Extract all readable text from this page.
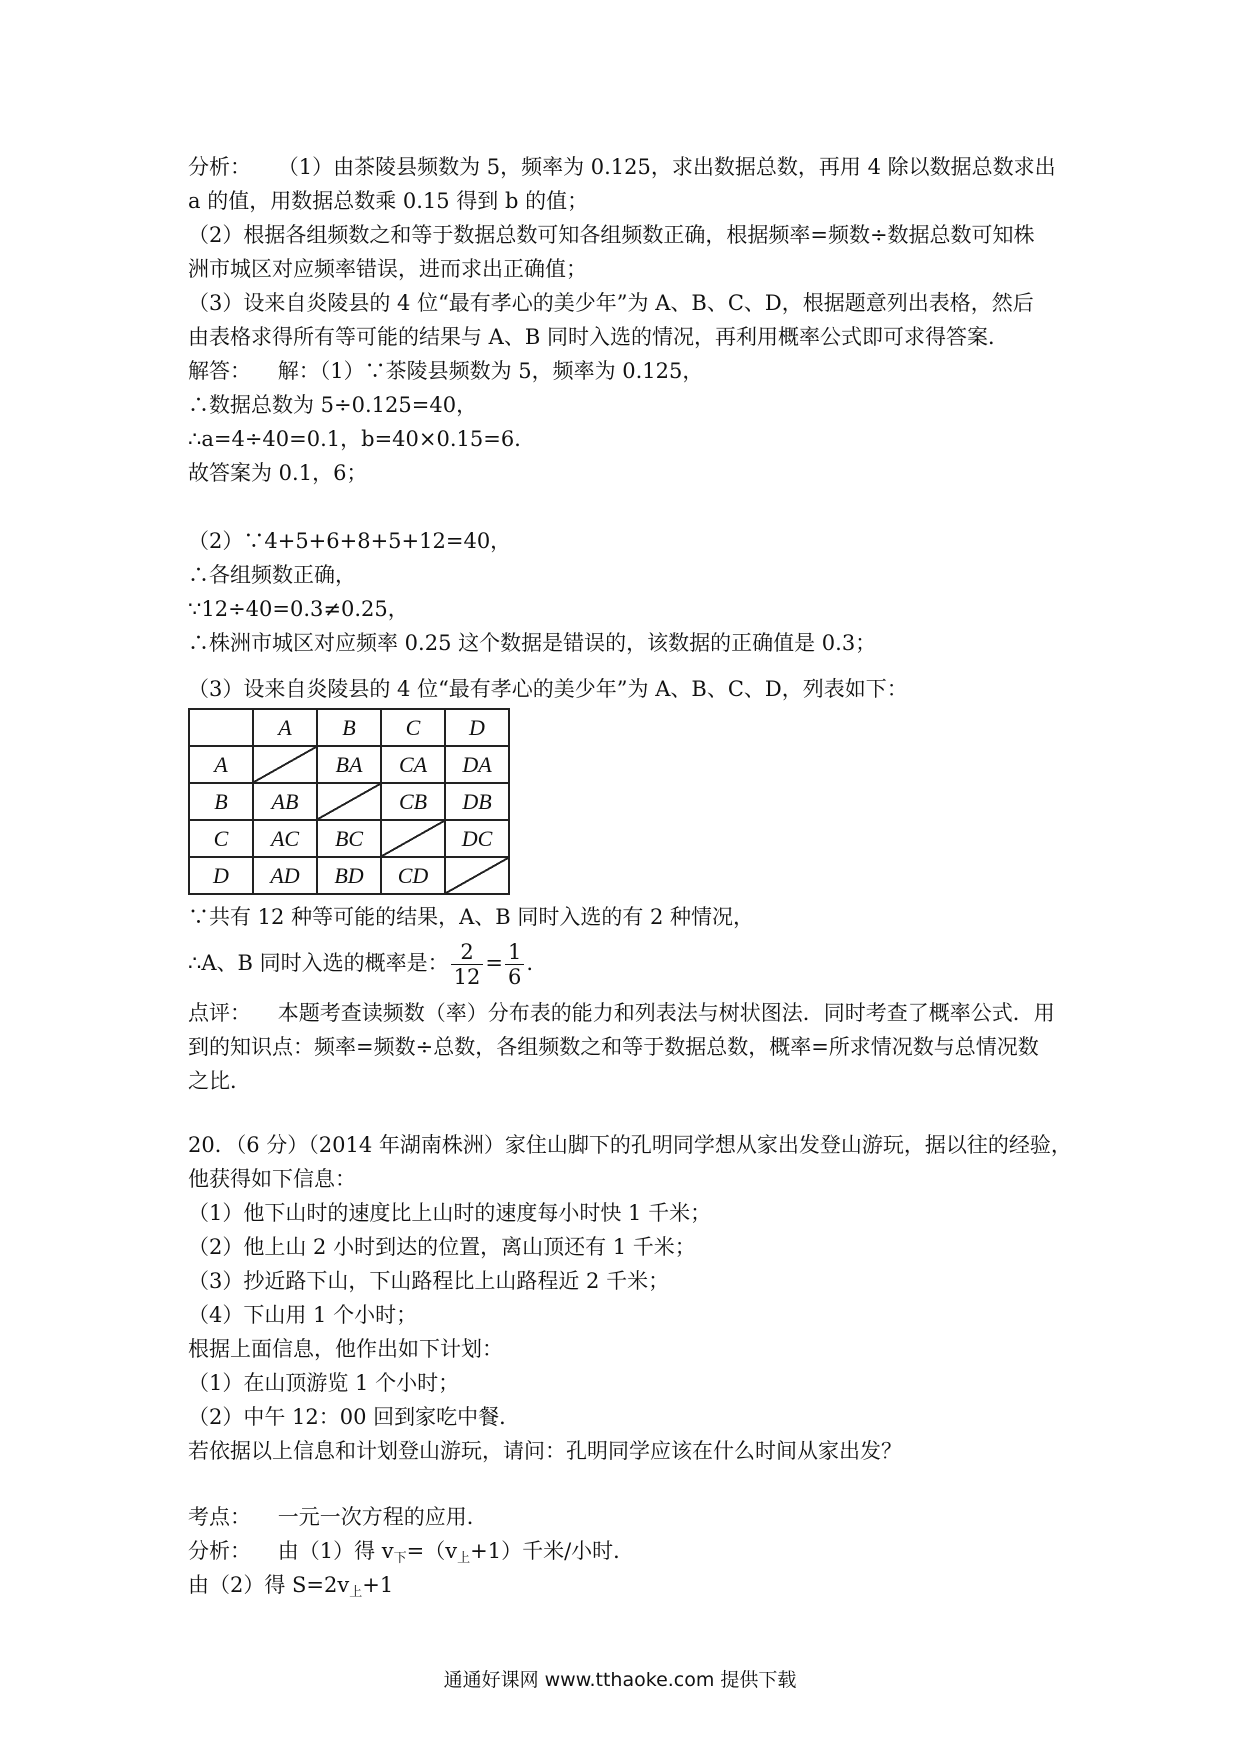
分析： （1）由茶陵县频数为 5，频率为 0.125，求出数据总数，再用 4 除以数据总数求出
a 的值，用数据总数乘 0.15 得到 b 的值；
（2）根据各组频数之和等于数据总数可知各组频数正确，根据频率=频数÷数据总数可知株
洲市城区对应频率错误，进而求出正确值；
（3）设来自炎陵县的 4 位“最有孝心的美少年”为 A、B、C、D，根据题意列出表格，然后
由表格求得所有等可能的结果与 A、B 同时入选的情况，再利用概率公式即可求得答案．
解答： 解：（1）∵茶陵县频数为 5，频率为 0.125，
∴数据总数为 5÷0.125=40，
∴a=4÷40=0.1，b=40×0.15=6．
故答案为 0.1，6；
（2）∵4+5+6+8+5+12=40，
∴各组频数正确，
∵12÷40=0.3≠0.25，
∴株洲市城区对应频率 0.25 这个数据是错误的，该数据的正确值是 0.3；
（3）设来自炎陵县的 4 位“最有孝心的美少年”为 A、B、C、D，列表如下：
	A	B	C	D
A		BA	CA	DA
B	AB		CB	DB
C	AC	BC		DC
D	AD	BD	CD	
∵共有 12 种等可能的结果，A、B 同时入选的有 2 种情况，
∴A、B 同时入选的概率是： $\frac{2}{12} = \frac{1}{6}$ .
点评： 本题考查读频数（率）分布表的能力和列表法与树状图法．同时考查了概率公式．用
到的知识点：频率=频数÷总数，各组频数之和等于数据总数，概率=所求情况数与总情况数
之比．
20．（6 分）（2014 年湖南株洲）家住山脚下的孔明同学想从家出发登山游玩，据以往的经验，
他获得如下信息：
（1）他下山时的速度比上山时的速度每小时快 1 千米；
（2）他上山 2 小时到达的位置，离山顶还有 1 千米；
（3）抄近路下山，下山路程比上山路程近 2 千米；
（4）下山用 1 个小时；
根据上面信息，他作出如下计划：
（1）在山顶游览 1 个小时；
（2）中午 12：00 回到家吃中餐．
若依据以上信息和计划登山游玩，请问：孔明同学应该在什么时间从家出发？
考点： 一元一次方程的应用．
分析： 由（1）得 $v_下=(v_上+1)$千米/小时．
由（2）得 $S=2v_上+1$
通通好课网 www.tthaoke.com 提供下载
